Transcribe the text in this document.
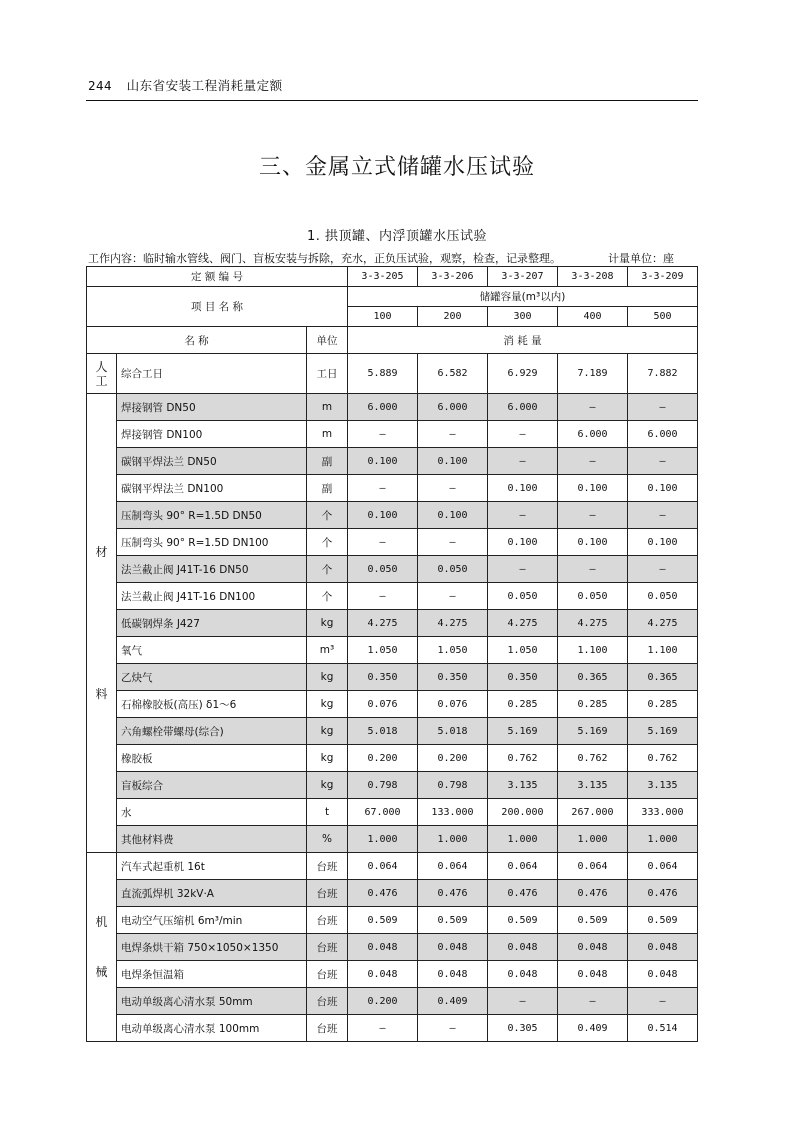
244 山东省安装工程消耗量定额
三、金属立式储罐水压试验
1. 拱顶罐、内浮顶罐水压试验
工作内容：临时输水管线、阀门、盲板安装与拆除，充水，正负压试验，观察，检查，记录整理。	计量单位：座
定 额 编 号			3-3-205	3-3-206	3-3-207	3-3-208	3-3-209
项 目 名 称			储罐容量(m³以内)				
			100	200	300	400	500
名 称		单位	消 耗 量				

人
工	综合工日	工日	5.889	6.582	6.929	7.189	7.882

材
料	焊接钢管 DN50	m	6.000	6.000	6.000	—	—
	焊接钢管 DN100	m	—	—	—	6.000	6.000
	碳钢平焊法兰 DN50	副	0.100	0.100	—	—	—
	碳钢平焊法兰 DN100	副	—	—	0.100	0.100	0.100
	压制弯头 90° R=1.5D DN50	个	0.100	0.100	—	—	—
	压制弯头 90° R=1.5D DN100	个	—	—	0.100	0.100	0.100
	法兰截止阀 J41T-16 DN50	个	0.050	0.050	—	—	—
	法兰截止阀 J41T-16 DN100	个	—	—	0.050	0.050	0.050
	低碳钢焊条 J427	kg	4.275	4.275	4.275	4.275	4.275
	氧气	m³	1.050	1.050	1.050	1.100	1.100
	乙炔气	kg	0.350	0.350	0.350	0.365	0.365
	石棉橡胶板(高压) δ1～6	kg	0.076	0.076	0.285	0.285	0.285
	六角螺栓带螺母(综合)	kg	5.018	5.018	5.169	5.169	5.169
	橡胶板	kg	0.200	0.200	0.762	0.762	0.762
	盲板综合	kg	0.798	0.798	3.135	3.135	3.135
	水	t	67.000	133.000	200.000	267.000	333.000
	其他材料费	%	1.000	1.000	1.000	1.000	1.000

机
械	汽车式起重机 16t	台班	0.064	0.064	0.064	0.064	0.064
	直流弧焊机 32kV·A	台班	0.476	0.476	0.476	0.476	0.476
	电动空气压缩机 6m³/min	台班	0.509	0.509	0.509	0.509	0.509
	电焊条烘干箱 750×1050×1350	台班	0.048	0.048	0.048	0.048	0.048
	电焊条恒温箱	台班	0.048	0.048	0.048	0.048	0.048
	电动单级离心清水泵 50mm	台班	0.200	0.409	—	—	—
	电动单级离心清水泵 100mm	台班	—	—	0.305	0.409	0.514
